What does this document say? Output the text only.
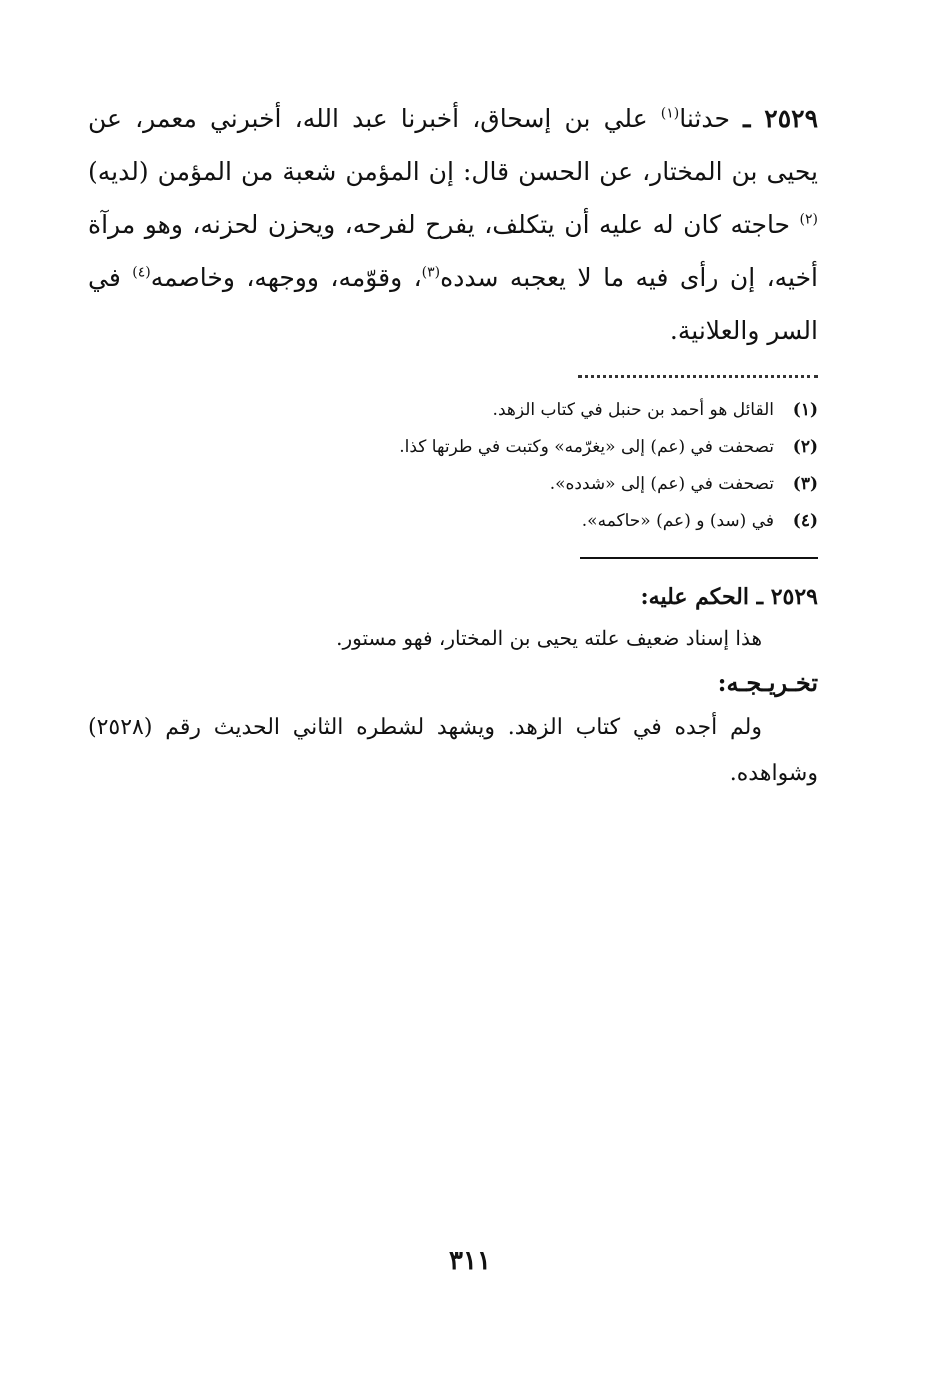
٢٥٢٩ ـ حدثنا$^{(١)}$ علي بن إسحاق، أخبرنا عبد الله، أخبرني معمر، عن يحيى بن المختار، عن الحسن قال: إن المؤمن شعبة من المؤمن (لديه)$^{(٢)}$ حاجته كان له عليه أن يتكلف، يفرح لفرحه، ويحزن لحزنه، وهو مرآة أخيه، إن رأى فيه ما لا يعجبه سدده$^{(٣)}$، وقوّمه، ووجهه، وخاصمه$^{(٤)}$ في السر والعلانية.

(١)القائل هو أحمد بن حنبل في كتاب الزهد.
(٢)تصحفت في (عم) إلى «يغرّمه» وكتبت في طرتها كذا.
(٣)تصحفت في (عم) إلى «شدده».
(٤)في (سد) و (عم) «حاكمه».
٢٥٢٩ ـ الحكم عليه:

هذا إسناد ضعيف علته يحيى بن المختار، فهو مستور.

تخـريـجـه:

ولم أجده في كتاب الزهد. ويشهد لشطره الثاني الحديث رقم (٢٥٢٨) وشواهده.

٣١١
